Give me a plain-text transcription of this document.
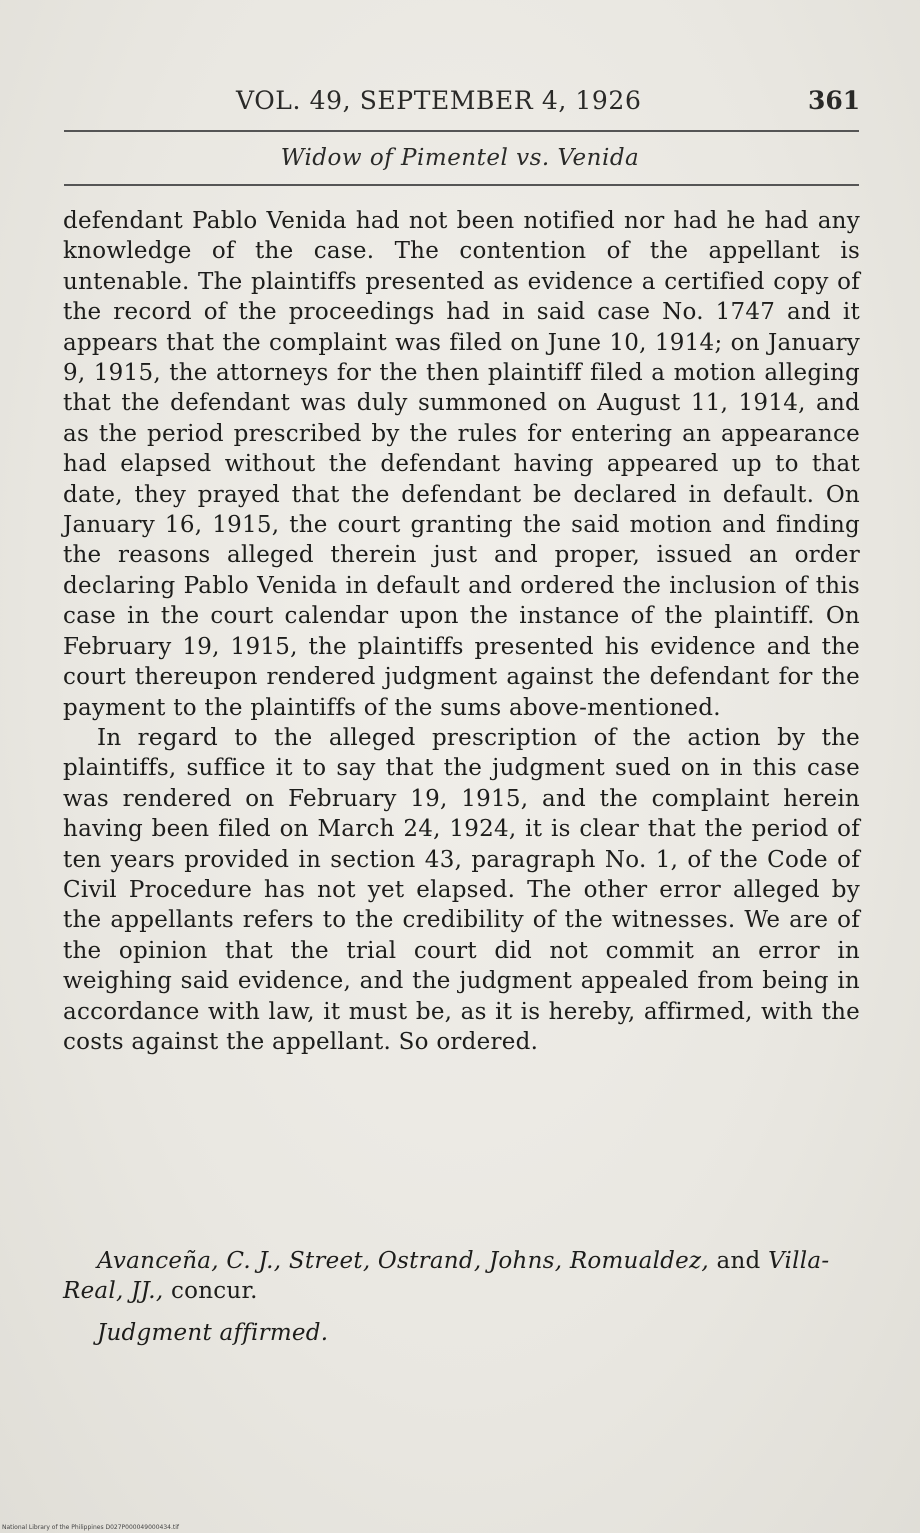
VOL. 49, SEPTEMBER 4, 1926	361
Widow of Pimentel vs. Venida

defendant Pablo Venida had not been notified nor had he had any knowledge of the case. The contention of the appellant is untenable. The plaintiffs presented as evidence a certified copy of the record of the proceedings had in said case No. 1747 and it appears that the complaint was filed on June 10, 1914; on January 9, 1915, the attorneys for the then plaintiff filed a motion alleging that the defendant was duly summoned on August 11, 1914, and as the period prescribed by the rules for entering an appearance had elapsed without the defendant having appeared up to that date, they prayed that the defendant be declared in default. On January 16, 1915, the court granting the said motion and finding the reasons alleged therein just and proper, issued an order declaring Pablo Venida in default and ordered the inclusion of this case in the court calendar upon the instance of the plaintiff. On February 19, 1915, the plaintiffs presented his evidence and the court thereupon rendered judgment against the defendant for the payment to the plaintiffs of the sums above-mentioned.

In regard to the alleged prescription of the action by the plaintiffs, suffice it to say that the judgment sued on in this case was rendered on February 19, 1915, and the complaint herein having been filed on March 24, 1924, it is clear that the period of ten years provided in section 43, paragraph No. 1, of the Code of Civil Procedure has not yet elapsed. The other error alleged by the appellants refers to the credibility of the witnesses. We are of the opinion that the trial court did not commit an error in weighing said evidence, and the judgment appealed from being in accordance with law, it must be, as it is hereby, affirmed, with the costs against the appellant. So ordered.

Avanceña, C. J., Street, Ostrand, Johns, Romualdez, and Villa-Real, JJ., concur.
Judgment affirmed.
National Library of the Philippines D027P000049000434.tif
